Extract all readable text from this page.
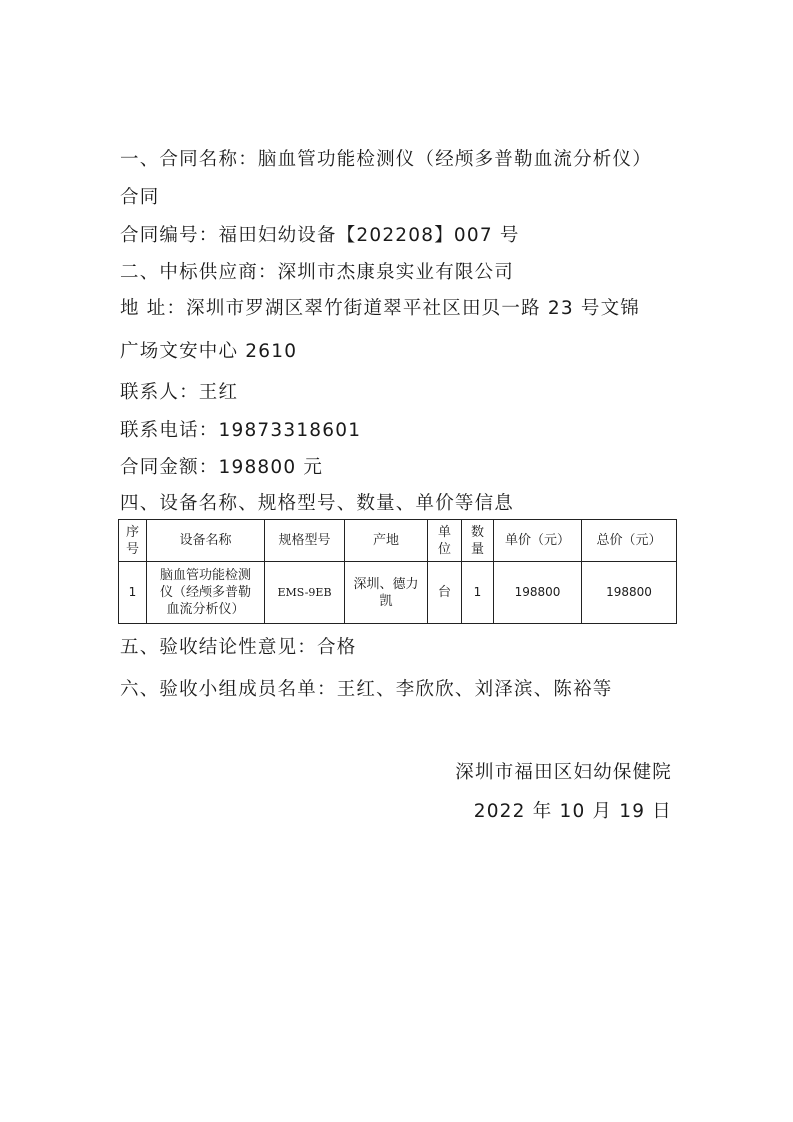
一、合同名称：脑血管功能检测仪（经颅多普勒血流分析仪）
合同
合同编号：福田妇幼设备【202208】007 号
二、中标供应商：深圳市杰康泉实业有限公司
地 址：深圳市罗湖区翠竹街道翠平社区田贝一路 23 号文锦
广场文安中心 2610
联系人：王红
联系电话：19873318601
合同金额：198800 元
四、设备名称、规格型号、数量、单价等信息
序号	设备名称	规格型号	产地	单位	数量	单价（元）	总价（元）
1	脑血管功能检测仪（经颅多普勒血流分析仪）	EMS-9EB	深圳、德力凯	台	1	198800	198800
五、验收结论性意见：合格
六、验收小组成员名单：王红、李欣欣、刘泽滨、陈裕等
深圳市福田区妇幼保健院
2022 年 10 月 19 日
